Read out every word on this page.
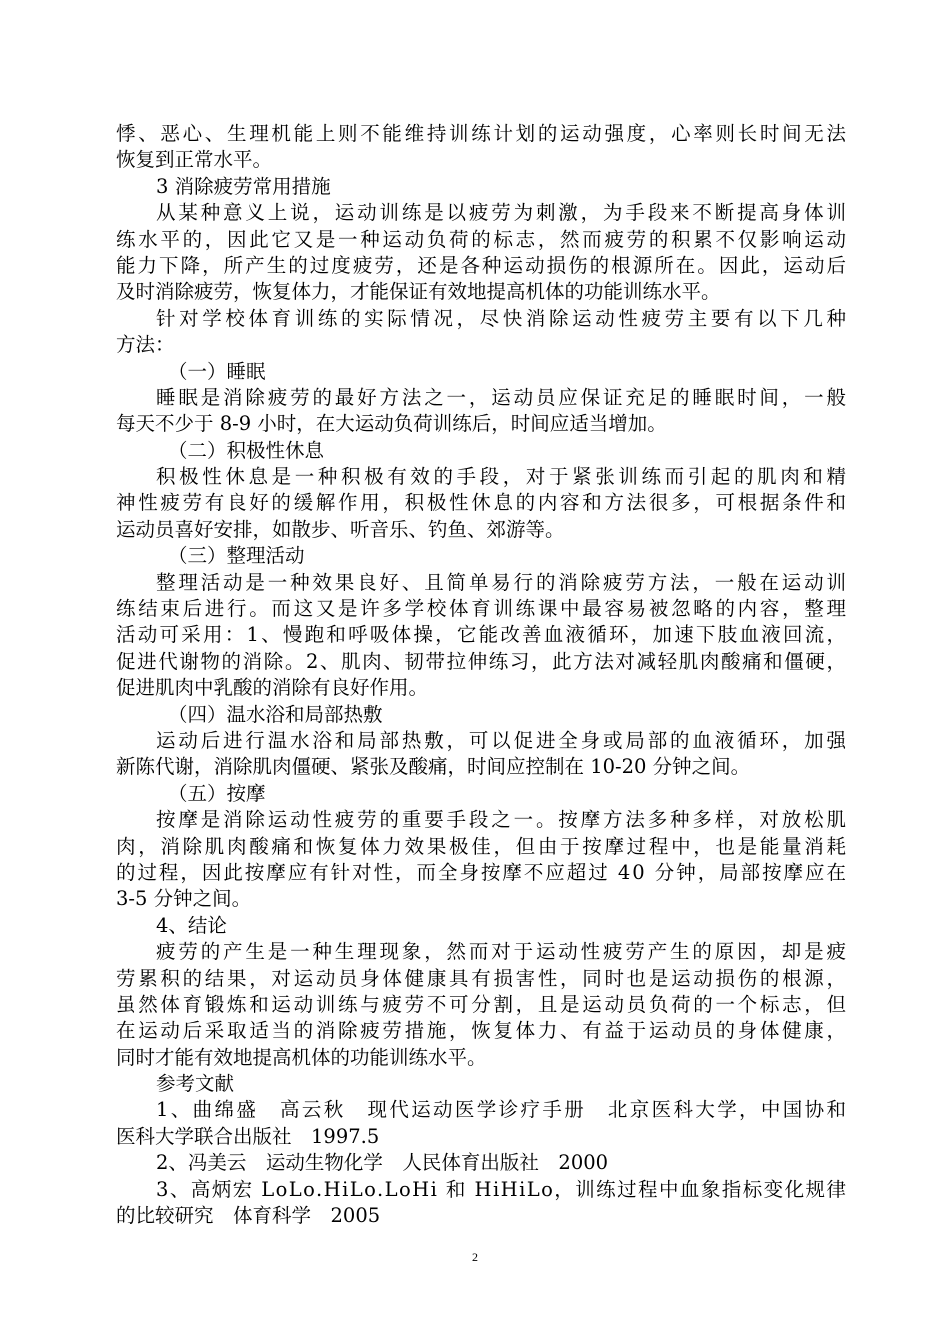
悸、恶心、生理机能上则不能维持训练计划的运动强度，心率则长时间无法
恢复到正常水平。
3 消除疲劳常用措施
从某种意义上说，运动训练是以疲劳为刺激，为手段来不断提高身体训
练水平的，因此它又是一种运动负荷的标志，然而疲劳的积累不仅影响运动
能力下降，所产生的过度疲劳，还是各种运动损伤的根源所在。因此，运动后
及时消除疲劳，恢复体力，才能保证有效地提高机体的功能训练水平。
针对学校体育训练的实际情况，尽快消除运动性疲劳主要有以下几种
方法：
（一）睡眠
睡眠是消除疲劳的最好方法之一，运动员应保证充足的睡眠时间，一般
每天不少于 8-9 小时，在大运动负荷训练后，时间应适当增加。
（二）积极性休息
积极性休息是一种积极有效的手段，对于紧张训练而引起的肌肉和精
神性疲劳有良好的缓解作用，积极性休息的内容和方法很多，可根据条件和
运动员喜好安排，如散步、听音乐、钓鱼、郊游等。
（三）整理活动
整理活动是一种效果良好、且简单易行的消除疲劳方法，一般在运动训
练结束后进行。而这又是许多学校体育训练课中最容易被忽略的内容，整理
活动可采用：1、慢跑和呼吸体操，它能改善血液循环，加速下肢血液回流，
促进代谢物的消除。2、肌肉、韧带拉伸练习，此方法对减轻肌肉酸痛和僵硬，
促进肌肉中乳酸的消除有良好作用。
（四）温水浴和局部热敷
运动后进行温水浴和局部热敷，可以促进全身或局部的血液循环，加强
新陈代谢，消除肌肉僵硬、紧张及酸痛，时间应控制在 10-20 分钟之间。
（五）按摩
按摩是消除运动性疲劳的重要手段之一。按摩方法多种多样，对放松肌
肉，消除肌肉酸痛和恢复体力效果极佳，但由于按摩过程中，也是能量消耗
的过程，因此按摩应有针对性，而全身按摩不应超过 40 分钟，局部按摩应在
3-5 分钟之间。
4、结论
疲劳的产生是一种生理现象，然而对于运动性疲劳产生的原因，却是疲
劳累积的结果，对运动员身体健康具有损害性，同时也是运动损伤的根源，
虽然体育锻炼和运动训练与疲劳不可分割，且是运动员负荷的一个标志，但
在运动后采取适当的消除疲劳措施，恢复体力、有益于运动员的身体健康，
同时才能有效地提高机体的功能训练水平。
参考文献
1、曲绵盛　高云秋　现代运动医学诊疗手册　北京医科大学，中国协和
医科大学联合出版社　1997.5
2、冯美云　运动生物化学　人民体育出版社　2000
3、高炳宏 LoLo.HiLo.LoHi 和 HiHiLo，训练过程中血象指标变化规律
的比较研究　体育科学　2005
2
